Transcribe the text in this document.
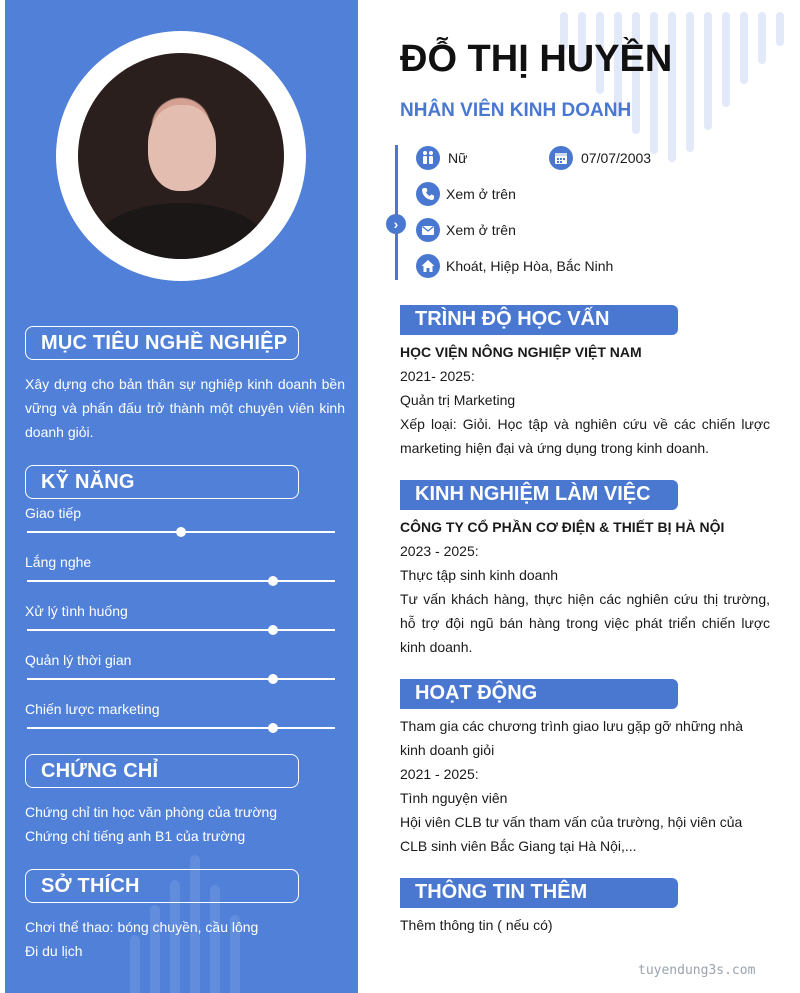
MỤC TIÊU NGHỀ NGHIỆP
Xây dựng cho bản thân sự nghiệp kinh doanh bền vững và phấn đấu trở thành một chuyên viên kinh doanh giỏi.
KỸ NĂNG
Giao tiếp
Lắng nghe
Xử lý tình huống
Quản lý thời gian
Chiến lược marketing
CHỨNG CHỈ
Chứng chỉ tin học văn phòng của trường
Chứng chỉ tiếng anh B1 của trường
SỞ THÍCH
Chơi thể thao: bóng chuyền, cầu lông
Đi du lịch
ĐỖ THỊ HUYỀN
NHÂN VIÊN KINH DOANH
›
Nữ	07/07/2003
Xem ở trên
Xem ở trên
Khoát, Hiệp Hòa, Bắc Ninh
TRÌNH ĐỘ HỌC VẤN
HỌC VIỆN NÔNG NGHIỆP VIỆT NAM
2021- 2025:
Quản trị Marketing
Xếp loại: Giỏi. Học tập và nghiên cứu về các chiến lược marketing hiện đại và ứng dụng trong kinh doanh.
KINH NGHIỆM LÀM VIỆC
CÔNG TY CỔ PHẦN CƠ ĐIỆN & THIẾT BỊ HÀ NỘI
2023 - 2025:
Thực tập sinh kinh doanh
Tư vấn khách hàng, thực hiện các nghiên cứu thị trường, hỗ trợ đội ngũ bán hàng trong việc phát triển chiến lược kinh doanh.
HOẠT ĐỘNG
Tham gia các chương trình giao lưu gặp gỡ những nhà kinh doanh giỏi
2021 - 2025:
Tình nguyện viên
Hội viên CLB tư vấn tham vấn của trường, hội viên của CLB sinh viên Bắc Giang tại Hà Nội,...
THÔNG TIN THÊM
Thêm thông tin ( nếu có)
tuyendung3s.com
